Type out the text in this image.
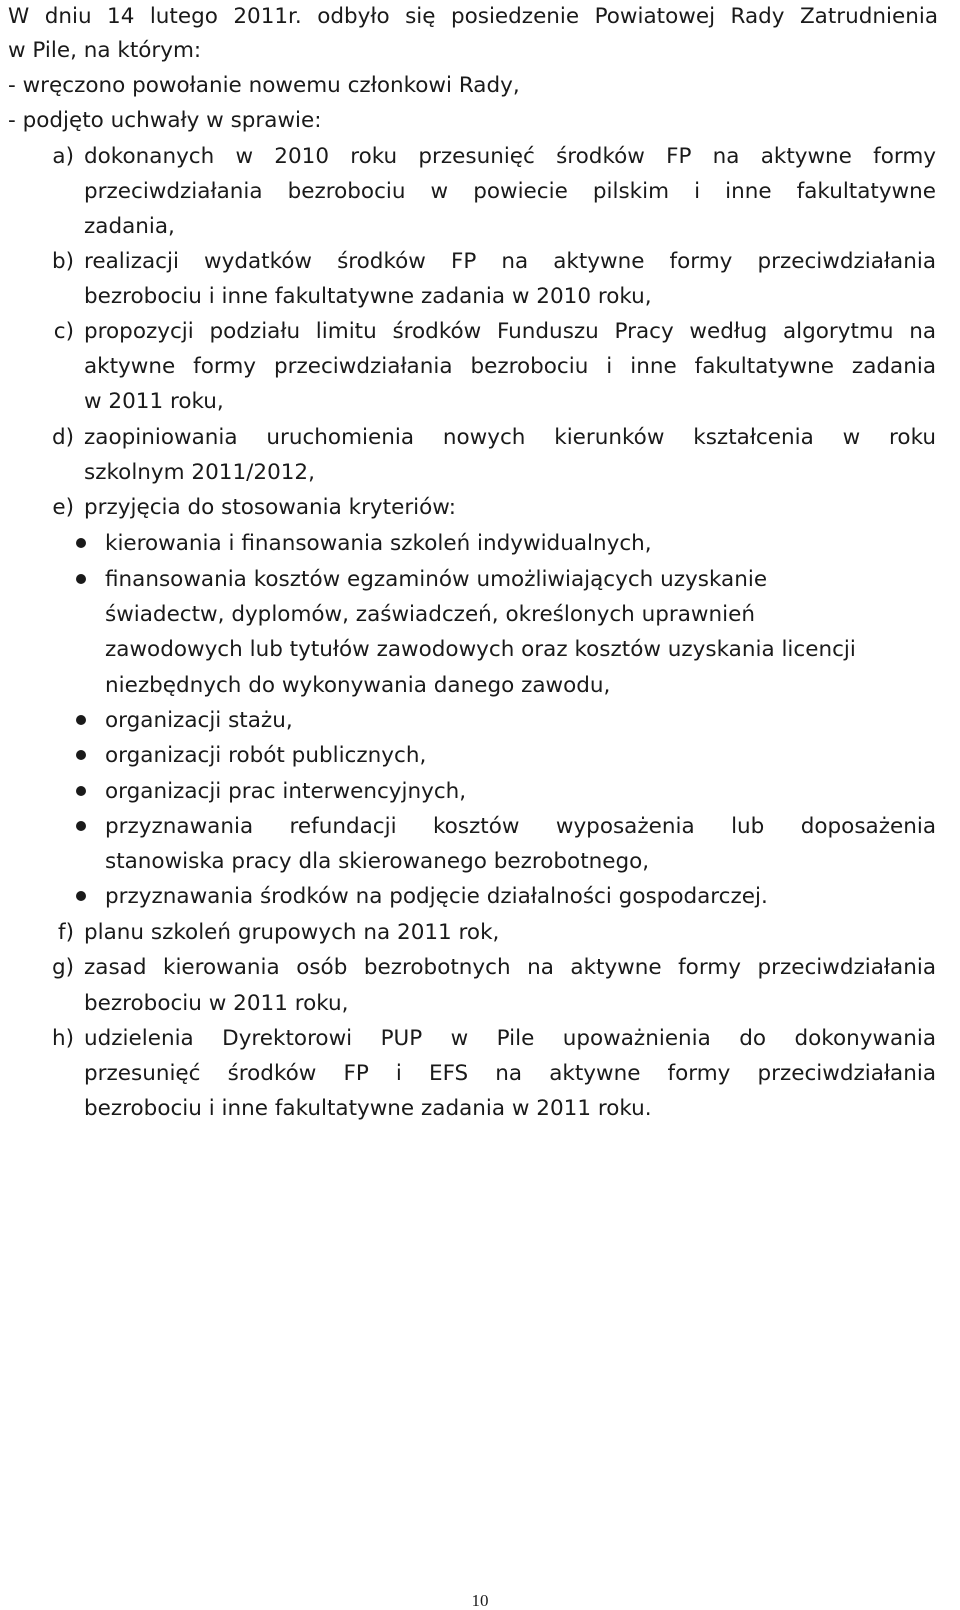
W dniu 14 lutego 2011r. odbyło się posiedzenie Powiatowej Rady Zatrudnienia
w Pile, na którym:
- wręczono powołanie nowemu członkowi Rady,
- podjęto uchwały w sprawie:
a) dokonanych w 2010 roku przesunięć środków FP na aktywne formy
przeciwdziałania bezrobociu w powiecie pilskim i inne fakultatywne
zadania,
b) realizacji wydatków środków FP na aktywne formy przeciwdziałania
bezrobociu i inne fakultatywne zadania w 2010 roku,
c) propozycji podziału limitu środków Funduszu Pracy według algorytmu na
aktywne formy przeciwdziałania bezrobociu i inne fakultatywne zadania
w 2011 roku,
d) zaopiniowania uruchomienia nowych kierunków kształcenia w roku
szkolnym 2011/2012,
e) przyjęcia do stosowania kryteriów:
kierowania i finansowania szkoleń indywidualnych,
finansowania kosztów egzaminów umożliwiających uzyskanie
świadectw, dyplomów, zaświadczeń, określonych uprawnień
zawodowych lub tytułów zawodowych oraz kosztów uzyskania licencji
niezbędnych do wykonywania danego zawodu,
organizacji stażu,
organizacji robót publicznych,
organizacji prac interwencyjnych,
przyznawania refundacji kosztów wyposażenia lub doposażenia
stanowiska pracy dla skierowanego bezrobotnego,
przyznawania środków na podjęcie działalności gospodarczej.
f) planu szkoleń grupowych na 2011 rok,
g) zasad kierowania osób bezrobotnych na aktywne formy przeciwdziałania
bezrobociu w 2011 roku,
h) udzielenia Dyrektorowi PUP w Pile upoważnienia do dokonywania
przesunięć środków FP i EFS na aktywne formy przeciwdziałania
bezrobociu i inne fakultatywne zadania w 2011 roku.
10
